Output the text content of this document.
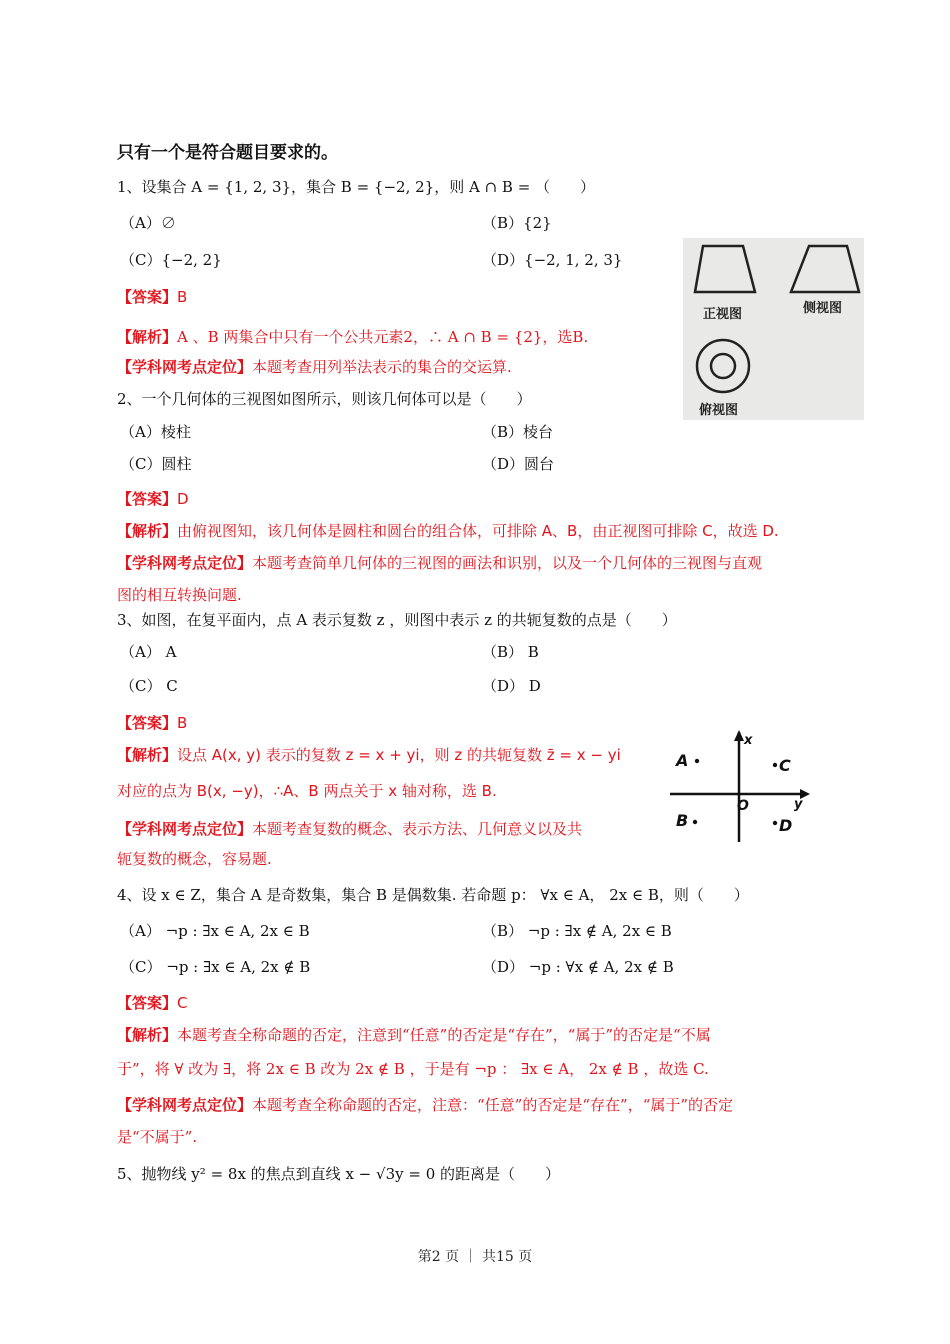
只有一个是符合题目要求的。
1、设集合 A = {1, 2, 3}，集合 B = {−2, 2}，则 A ∩ B = （　　）
（A）∅	（B）{2}
（C）{−2, 2}	（D）{−2, 1, 2, 3}
【答案】B
【解析】A 、B 两集合中只有一个公共元素2，∴ A ∩ B = {2}，选B.
【学科网考点定位】本题考查用列举法表示的集合的交运算.
正视图	侧视图
俯视图
2、一个几何体的三视图如图所示，则该几何体可以是（　　）
（A）棱柱	（B）棱台
（C）圆柱	（D）圆台
【答案】D
【解析】由俯视图知，该几何体是圆柱和圆台的组合体，可排除 A、B，由正视图可排除 C，故选 D.
【学科网考点定位】本题考查简单几何体的三视图的画法和识别，以及一个几何体的三视图与直观
图的相互转换问题.
3、如图，在复平面内，点 A 表示复数 z ，则图中表示 z 的共轭复数的点是（　　）
（A） A	（B） B
（C） C	（D） D
【答案】B
【解析】设点 A(x, y) 表示的复数 z = x + yi，则 z 的共轭复数 z̄ = x − yi
对应的点为 B(x, −y)，∴A、B 两点关于 x 轴对称，选 B.
【学科网考点定位】本题考查复数的概念、表示方法、几何意义以及共
轭复数的概念，容易题.
x
y
O
A	C
B	D
4、设 x ∈ Z，集合 A 是奇数集，集合 B 是偶数集. 若命题 p： ∀x ∈ A， 2x ∈ B，则（　　）
（A） ¬p : ∃x ∈ A, 2x ∈ B	（B） ¬p : ∃x ∉ A, 2x ∈ B
（C） ¬p : ∃x ∈ A, 2x ∉ B	（D） ¬p : ∀x ∉ A, 2x ∉ B
【答案】C
【解析】本题考查全称命题的否定，注意到“任意”的否定是“存在”，“属于”的否定是“不属
于”，将 ∀ 改为 ∃，将 2x ∈ B 改为 2x ∉ B ，于是有 ¬p ： ∃x ∈ A， 2x ∉ B ，故选 C.
【学科网考点定位】本题考查全称命题的否定，注意：“任意”的否定是“存在”，“属于”的否定
是“不属于”.
5、抛物线 y² = 8x 的焦点到直线 x − √3y = 0 的距离是（　　）
第2 页 ｜ 共15 页
